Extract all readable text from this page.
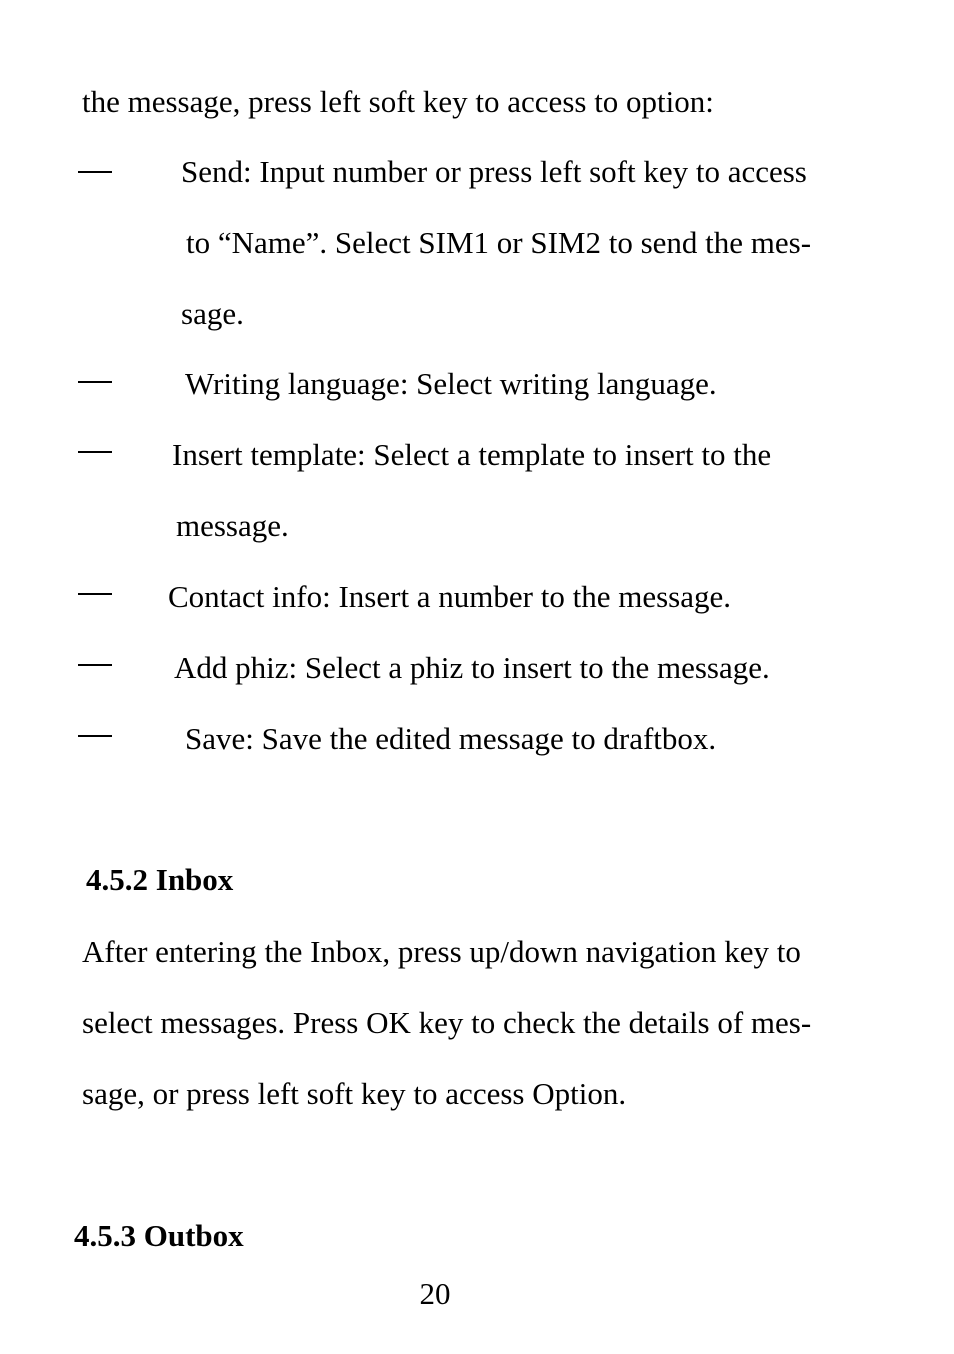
the message, press left soft key to access to option:
Send: Input number or press left soft key to access
to “Name”. Select SIM1 or SIM2 to send the mes-
sage.
Writing language: Select writing language.
Insert template: Select a template to insert to the
message.
Contact info: Insert a number to the message.
Add phiz: Select a phiz to insert to the message.
Save: Save the edited message to draftbox.
4.5.2 Inbox
After entering the Inbox, press up/down navigation key to
select messages. Press OK key to check the details of mes-
sage, or press left soft key to access Option.
4.5.3 Outbox
20
